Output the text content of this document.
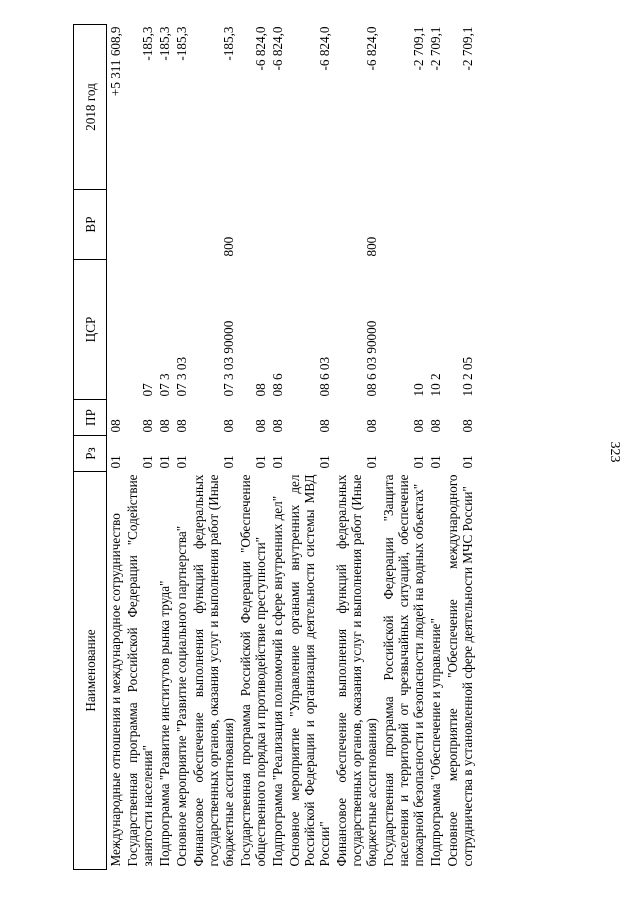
323
Наименование	Рз	ПР	ЦСР	ВР	2018 год
Международные отношения и международное сотрудничество	01	08			+5 311 608,9
Государственная программа Российской Федерации "Содействие занятости населения"	01	08	07		-185,3
Подпрограмма "Развитие институтов рынка труда"	01	08	07 3		-185,3
Основное мероприятие "Развитие социального партнерства"	01	08	07 3 03		-185,3
Финансовое обеспечение выполнения функций федеральных государственных органов, оказания услуг и выполнения работ (Иные бюджетные ассигнования)	01	08	07 3 03 90000	800	-185,3
Государственная программа Российской Федерации "Обеспечение общественного порядка и противодействие преступности"	01	08	08		-6 824,0
Подпрограмма "Реализация полномочий в сфере внутренних дел"	01	08	08 6		-6 824,0
Основное мероприятие "Управление органами внутренних дел Российской Федерации и организация деятельности системы МВД России"	01	08	08 6 03		-6 824,0
Финансовое обеспечение выполнения функций федеральных государственных органов, оказания услуг и выполнения работ (Иные бюджетные ассигнования)	01	08	08 6 03 90000	800	-6 824,0
Государственная программа Российской Федерации "Защита населения и территорий от чрезвычайных ситуаций, обеспечение пожарной безопасности и безопасности людей на водных объектах"	01	08	10		-2 709,1
Подпрограмма "Обеспечение и управление"	01	08	10 2		-2 709,1
Основное мероприятие "Обеспечение международного сотрудничества в установленной сфере деятельности МЧС России"	01	08	10 2 05		-2 709,1
